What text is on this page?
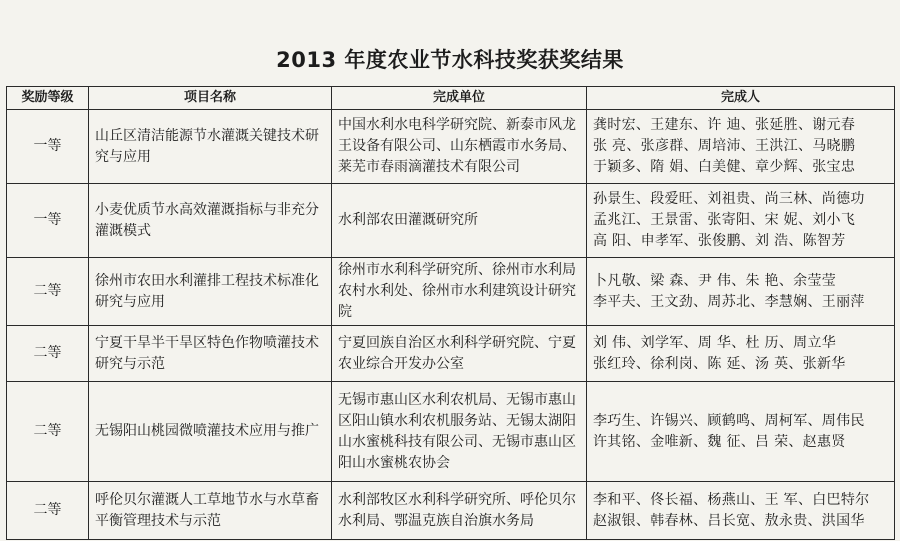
2013 年度农业节水科技奖获奖结果
奖励等级	项目名称	完成单位	完成人
一等	山丘区清洁能源节水灌溉关键技术研究与应用	中国水利水电科学研究院、新泰市风龙王设备有限公司、山东栖霞市水务局、莱芜市春雨滴灌技术有限公司	龚时宏、王建东、许 迪、张延胜、谢元春
张 亮、张彦群、周培沛、王洪江、马晓鹏
于颖多、隋 娟、白美健、章少辉、张宝忠

一等	小麦优质节水高效灌溉指标与非充分灌溉模式	水利部农田灌溉研究所	孙景生、段爱旺、刘祖贵、尚三林、尚德功
孟兆江、王景雷、张寄阳、宋 妮、刘小飞
高 阳、申孝军、张俊鹏、刘 浩、陈智芳

二等	徐州市农田水利灌排工程技术标准化研究与应用	徐州市水利科学研究所、徐州市水利局农村水利处、徐州市水利建筑设计研究院	卜凡敬、梁 森、尹 伟、朱 艳、余莹莹
李平夫、王文劲、周苏北、李慧娴、王丽萍

二等	宁夏干旱半干旱区特色作物喷灌技术研究与示范	宁夏回族自治区水利科学研究院、宁夏农业综合开发办公室	刘 伟、刘学军、周 华、杜 历、周立华
张红玲、徐利岗、陈 延、汤 英、张新华

二等	无锡阳山桃园微喷灌技术应用与推广	无锡市惠山区水利农机局、无锡市惠山区阳山镇水利农机服务站、无锡太湖阳山水蜜桃科技有限公司、无锡市惠山区阳山水蜜桃农协会	李巧生、许锡兴、顾鹤鸣、周柯军、周伟民
许其铭、金唯新、魏 征、吕 荣、赵惠贤

二等	呼伦贝尔灌溉人工草地节水与水草畜平衡管理技术与示范	水利部牧区水利科学研究所、呼伦贝尔水利局、鄂温克族自治旗水务局	李和平、佟长福、杨燕山、王 军、白巴特尔
赵淑银、韩春林、吕长宽、敖永贵、洪国华
